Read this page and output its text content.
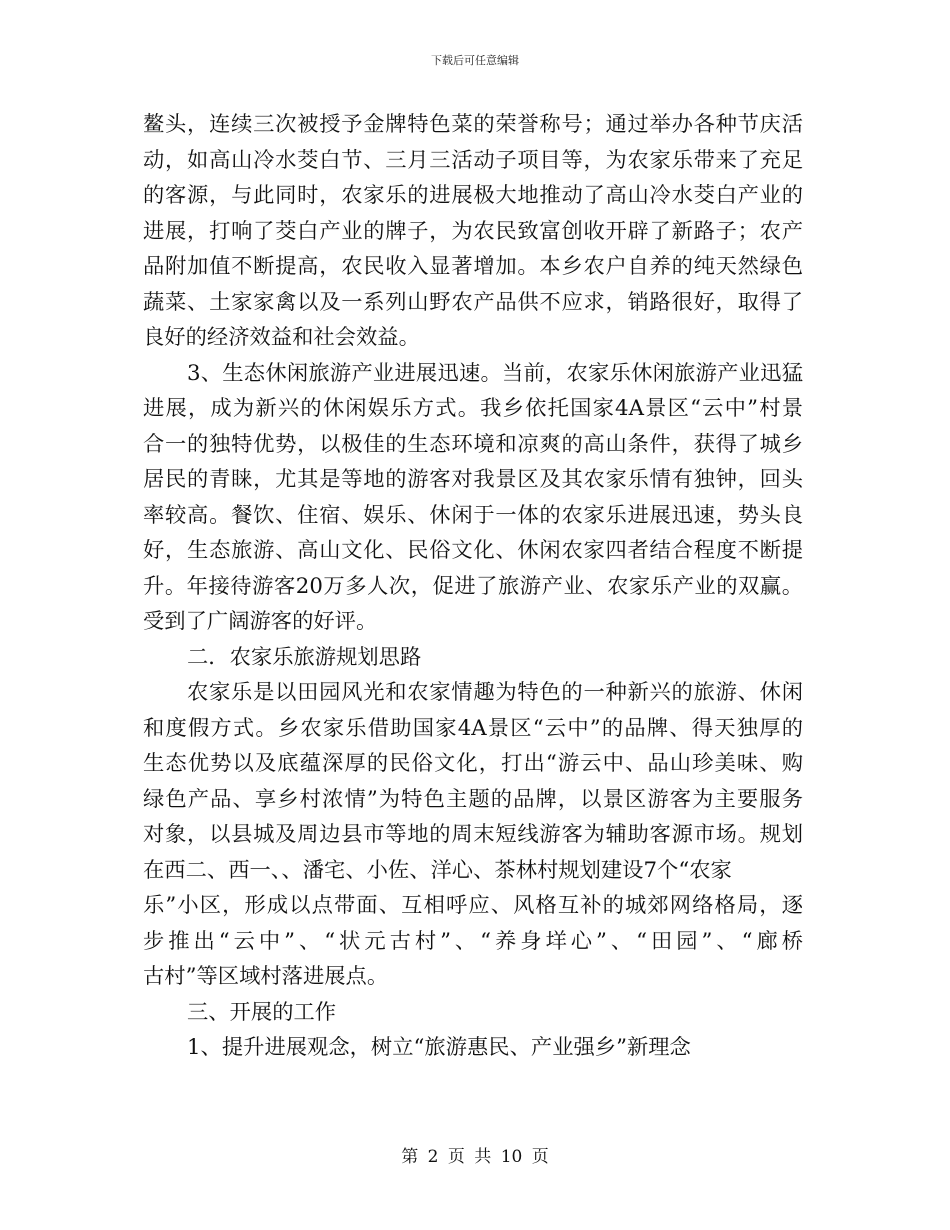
下载后可任意编辑

鳌头，连续三次被授予金牌特色菜的荣誉称号；通过举办各种节庆活
动，如高山冷水茭白节、三月三活动子项目等，为农家乐带来了充足
的客源，与此同时，农家乐的进展极大地推动了高山冷水茭白产业的
进展，打响了茭白产业的牌子，为农民致富创收开辟了新路子；农产
品附加值不断提高，农民收入显著增加。本乡农户自养的纯天然绿色
蔬菜、土家家禽以及一系列山野农产品供不应求，销路很好，取得了
良好的经济效益和社会效益。

3、生态休闲旅游产业进展迅速。当前，农家乐休闲旅游产业迅猛
进展，成为新兴的休闲娱乐方式。我乡依托国家4A景区“云中”村景
合一的独特优势，以极佳的生态环境和凉爽的高山条件，获得了城乡
居民的青睐，尤其是等地的游客对我景区及其农家乐情有独钟，回头
率较高。餐饮、住宿、娱乐、休闲于一体的农家乐进展迅速，势头良
好，生态旅游、高山文化、民俗文化、休闲农家四者结合程度不断提
升。年接待游客20万多人次，促进了旅游产业、农家乐产业的双赢。
受到了广阔游客的好评。

二．农家乐旅游规划思路

农家乐是以田园风光和农家情趣为特色的一种新兴的旅游、休闲
和度假方式。乡农家乐借助国家4A景区“云中”的品牌、得天独厚的
生态优势以及底蕴深厚的民俗文化，打出“游云中、品山珍美味、购
绿色产品、享乡村浓情”为特色主题的品牌，以景区游客为主要服务
对象，以县城及周边县市等地的周末短线游客为辅助客源市场。规划
在西二、西一、、潘宅、小佐、洋心、茶林村规划建设7个“农家
乐”小区，形成以点带面、互相呼应、风格互补的城郊网络格局，逐
步推出“云中”、“状元古村”、“养身垟心”、“田园”、“廊桥
古村”等区域村落进展点。

三、开展的工作

1、提升进展观念，树立“旅游惠民、产业强乡”新理念

第 2 页 共 10 页
